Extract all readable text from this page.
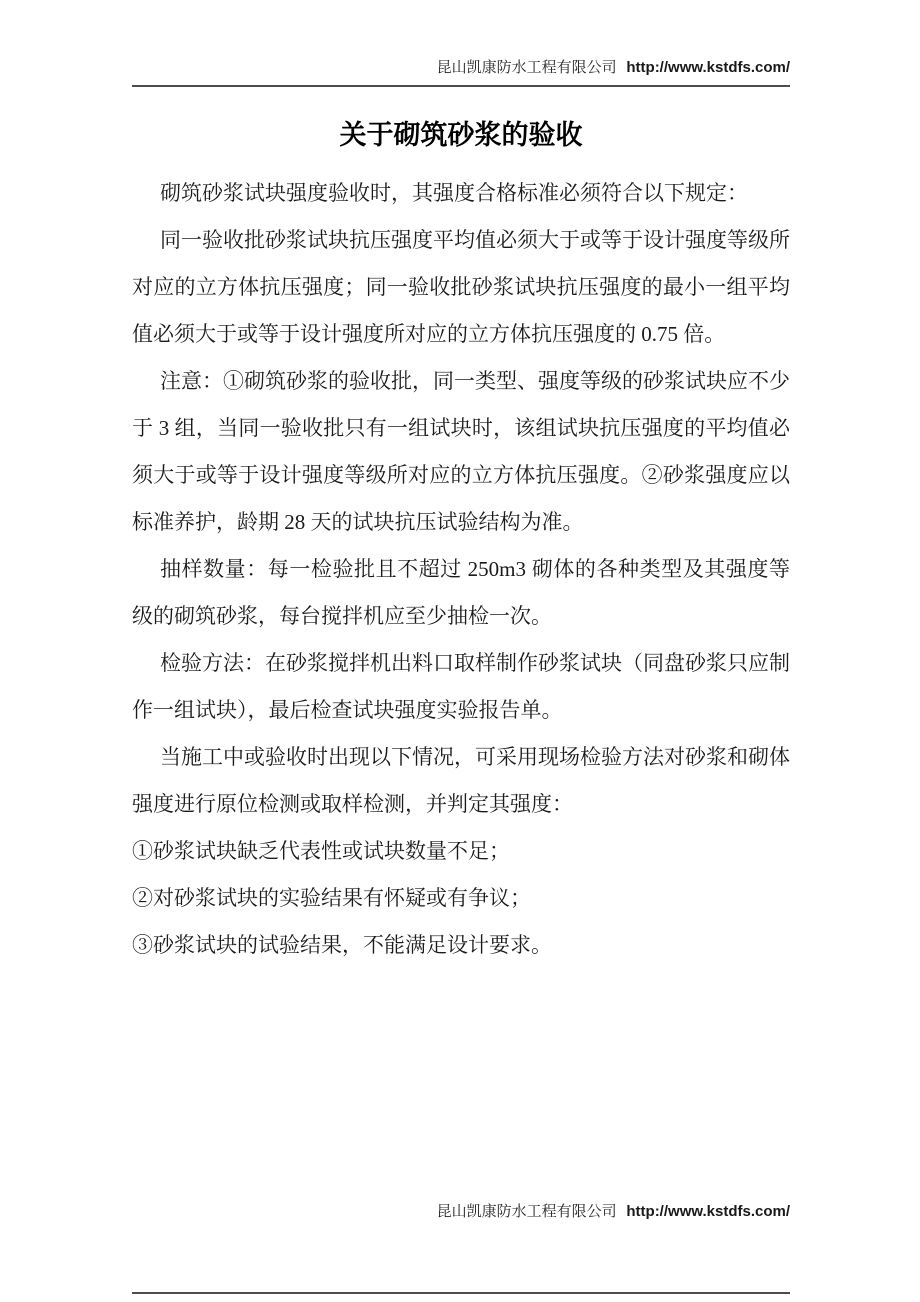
昆山凯康防水工程有限公司 http://www.kstdfs.com/
关于砌筑砂浆的验收

砌筑砂浆试块强度验收时，其强度合格标准必须符合以下规定：

同一验收批砂浆试块抗压强度平均值必须大于或等于设计强度等级所对应的立方体抗压强度；同一验收批砂浆试块抗压强度的最小一组平均值必须大于或等于设计强度所对应的立方体抗压强度的 0.75 倍。

注意：①砌筑砂浆的验收批，同一类型、强度等级的砂浆试块应不少于 3 组，当同一验收批只有一组试块时，该组试块抗压强度的平均值必须大于或等于设计强度等级所对应的立方体抗压强度。②砂浆强度应以标准养护，龄期 28 天的试块抗压试验结构为准。

抽样数量：每一检验批且不超过 250m3 砌体的各种类型及其强度等级的砌筑砂浆，每台搅拌机应至少抽检一次。

检验方法：在砂浆搅拌机出料口取样制作砂浆试块（同盘砂浆只应制作一组试块），最后检查试块强度实验报告单。

当施工中或验收时出现以下情况，可采用现场检验方法对砂浆和砌体强度进行原位检测或取样检测，并判定其强度：

①砂浆试块缺乏代表性或试块数量不足；

②对砂浆试块的实验结果有怀疑或有争议；

③砂浆试块的试验结果，不能满足设计要求。

昆山凯康防水工程有限公司 http://www.kstdfs.com/
